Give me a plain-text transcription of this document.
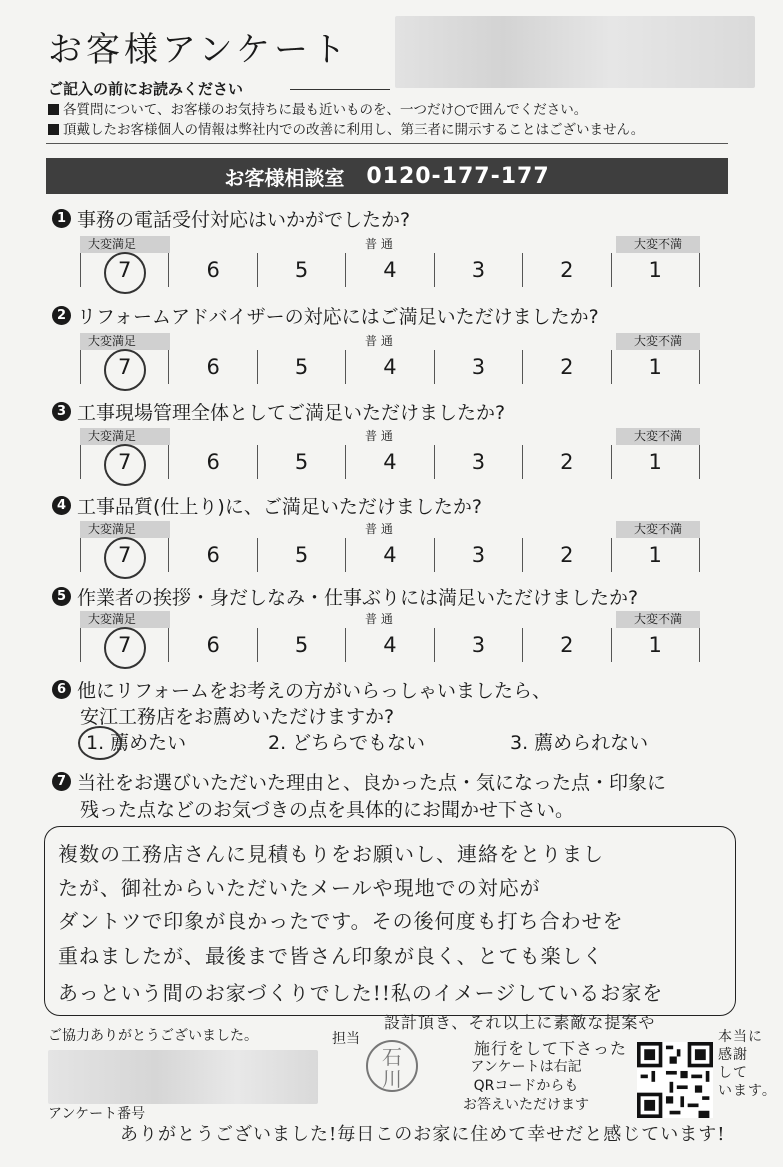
お客様アンケート
ご記入の前にお読みください
各質問について、お客様のお気持ちに最も近いものを、一つだけ○で囲んでください。
頂戴したお客様個人の情報は弊社内での改善に利用し、第三者に開示することはございません。
お客様相談室 0120-177-177
1 事務の電話受付対応はいかがでしたか?
大変満足	普 通	大変不満
7	6	5	4	3	2	1
2 リフォームアドバイザーの対応にはご満足いただけましたか?
大変満足	普 通	大変不満
7	6	5	4	3	2	1
3 工事現場管理全体としてご満足いただけましたか?
大変満足	普 通	大変不満
7	6	5	4	3	2	1
4 工事品質(仕上り)に、ご満足いただけましたか?
大変満足	普 通	大変不満
7	6	5	4	3	2	1
5 作業者の挨拶・身だしなみ・仕事ぶりには満足いただけましたか?
大変満足	普 通	大変不満
7	6	5	4	3	2	1
6 他にリフォームをお考えの方がいらっしゃいましたら、
安江工務店をお薦めいただけますか?
1. 薦めたい	2. どちらでもない	3. 薦められない
7 当社をお選びいただいた理由と、良かった点・気になった点・印象に
残った点などのお気づきの点を具体的にお聞かせ下さい。
複数の工務店さんに見積もりをお願いし、連絡をとりまし
たが、御社からいただいたメールや現地での対応が
ダントツで印象が良かったです。その後何度も打ち合わせを
重ねましたが、最後まで皆さん印象が良く、とても楽しく
あっという間のお家づくりでした!!私のイメージしているお家を
設計頂き、それ以上に素敵な提案や
施行をして下さった
本当に
感謝
して
います。
ご協力ありがとうございました。	担当
石
川	アンケートは右記
QRコードからも
お答えいただけます
アンケート番号
ありがとうございました!毎日このお家に住めて幸せだと感じています!
